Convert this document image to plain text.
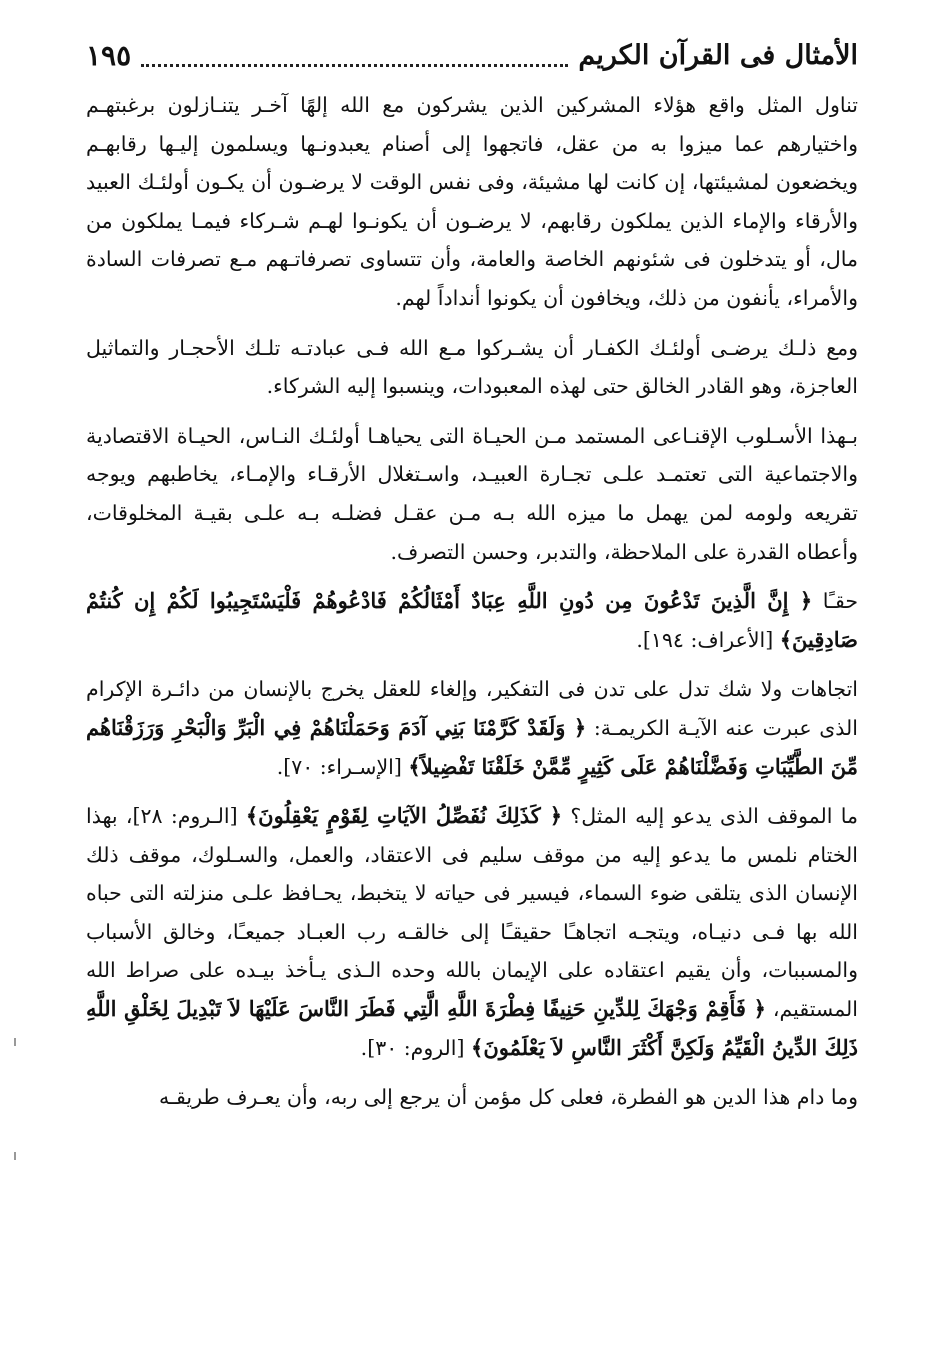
الأمثال فى القرآن الكريم
١٩٥

تناول المثل واقع هؤلاء المشركين الذين يشركون مع الله إلهًا آخـر يتنـازلون برغبتهـم واختيارهم عما ميزوا به من عقل، فاتجهوا إلى أصنام يعبدونـها ويسلمون إليـها رقابهـم ويخضعون لمشيئتها، إن كانت لها مشيئة، وفى نفس الوقت لا يرضـون أن يكـون أولئـك العبيد والأرقاء والإماء الذين يملكون رقابهم، لا يرضـون أن يكونـوا لهـم شـركاء فيمـا يملكون من مال، أو يتدخلون فى شئونهم الخاصة والعامة، وأن تتساوى تصرفاتـهم مـع تصرفات السادة والأمراء، يأنفون من ذلك، ويخافون أن يكونوا أنداداً لهم.

ومع ذلـك يرضـى أولئـك الكفـار أن يشـركوا مـع الله فـى عبادتـه تلـك الأحجـار والتماثيل العاجزة، وهو القادر الخالق حتى لهذه المعبودات، وينسبوا إليه الشركاء.

بـهذا الأسـلوب الإقنـاعى المستمد مـن الحيـاة التى يحياهـا أولئـك النـاس، الحيـاة الاقتصادية والاجتماعية التى تعتمـد علـى تجـارة العبيـد، واسـتغلال الأرقـاء والإمـاء، يخاطبهم ويوجه تقريعه ولومه لمن يهمل ما ميزه الله بـه مـن عقـل فضلـه بـه علـى بقيـة المخلوقات، وأعطاه القدرة على الملاحظة، والتدبر، وحسن التصرف.

حقـًا ﴿ إِنَّ الَّذِينَ تَدْعُونَ مِن دُونِ اللَّهِ عِبَادٌ أَمْثَالُكُمْ فَادْعُوهُمْ فَلْيَسْتَجِيبُوا لَكُمْ إِن كُنتُمْ صَادِقِينَ﴾ [الأعراف: ١٩٤].

اتجاهات ولا شك تدل على تدن فى التفكير، وإلغاء للعقل يخرج بالإنسان من دائـرة الإكرام الذى عبرت عنه الآيـة الكريمـة: ﴿ وَلَقَدْ كَرَّمْنَا بَنِي آدَمَ وَحَمَلْنَاهُمْ فِي الْبَرِّ وَالْبَحْرِ وَرَزَقْنَاهُم مِّنَ الطَّيِّبَاتِ وَفَضَّلْنَاهُمْ عَلَى كَثِيرٍ مِّمَّنْ خَلَقْنَا تَفْضِيلاً﴾ [الإسـراء: ٧٠].

ما الموقف الذى يدعو إليه المثل؟ ﴿ كَذَلِكَ نُفَصِّلُ الآيَاتِ لِقَوْمٍ يَعْقِلُونَ﴾ [الـروم: ٢٨]، بهذا الختام نلمس ما يدعو إليه من موقف سليم فى الاعتقاد، والعمل، والسـلوك، موقف ذلك الإنسان الذى يتلقى ضوء السماء، فيسير فى حياته لا يتخبط، يحـافظ علـى منزلته التى حباه الله بها فـى دنيـاه، ويتجـه اتجاهـًا حقيقـًا إلى خالقـه رب العبـاد جميعـًا، وخالق الأسباب والمسببات، وأن يقيم اعتقاده على الإيمان بالله وحده الـذى يـأخذ بيـده على صراط الله المستقيم، ﴿ فَأَقِمْ وَجْهَكَ لِلدِّينِ حَنِيفًا فِطْرَةَ اللَّهِ الَّتِي فَطَرَ النَّاسَ عَلَيْهَا لاَ تَبْدِيلَ لِخَلْقِ اللَّهِ ذَلِكَ الدِّينُ الْقَيِّمُ وَلَكِنَّ أَكْثَرَ النَّاسِ لاَ يَعْلَمُونَ﴾ [الروم: ٣٠].

وما دام هذا الدين هو الفطرة، فعلى كل مؤمن أن يرجع إلى ربه، وأن يعـرف طريقـه
